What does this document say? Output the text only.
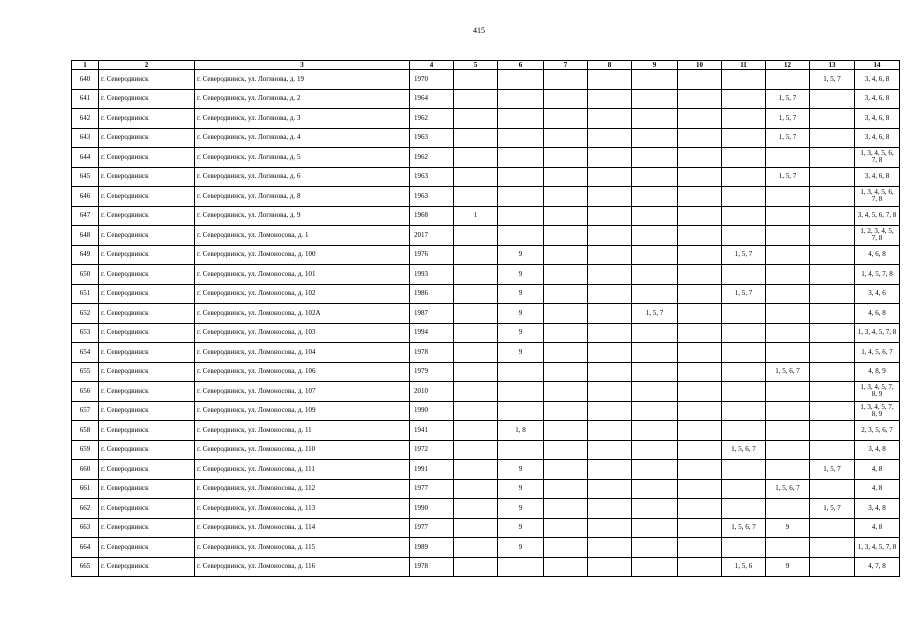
415
1	2	3	4	5	6	7	8	9	10	11	12	13	14
640	г. Северодвинск	г. Северодвинск, ул. Логинова, д. 19	1970									1, 5, 7	3, 4, 6, 8
641	г. Северодвинск	г. Северодвинск, ул. Логинова, д. 2	1964								1, 5, 7		3, 4, 6, 8
642	г. Северодвинск	г. Северодвинск, ул. Логинова, д. 3	1962								1, 5, 7		3, 4, 6, 8
643	г. Северодвинск	г. Северодвинск, ул. Логинова, д. 4	1963								1, 5, 7		3, 4, 6, 8
644	г. Северодвинск	г. Северодвинск, ул. Логинова, д. 5	1962										1, 3, 4, 5, 6, 7, 8
645	г. Северодвинск	г. Северодвинск, ул. Логинова, д. 6	1963								1, 5, 7		3, 4, 6, 8
646	г. Северодвинск	г. Северодвинск, ул. Логинова, д. 8	1963										1, 3, 4, 5, 6, 7, 8
647	г. Северодвинск	г. Северодвинск, ул. Логинова, д. 9	1968	1									3, 4, 5, 6, 7, 8
648	г. Северодвинск	г. Северодвинск, ул. Ломоносова, д. 1	2017										1, 2, 3, 4, 5, 7, 8
649	г. Северодвинск	г. Северодвинск, ул. Ломоносова, д. 100	1976		9					1, 5, 7			4, 6, 8
650	г. Северодвинск	г. Северодвинск, ул. Ломоносова, д. 101	1993		9								1, 4, 5, 7, 8
651	г. Северодвинск	г. Северодвинск, ул. Ломоносова, д. 102	1986		9					1, 5, 7			3, 4, 6
652	г. Северодвинск	г. Северодвинск, ул. Ломоносова, д. 102А	1987		9			1, 5, 7					4, 6, 8
653	г. Северодвинск	г. Северодвинск, ул. Ломоносова, д. 103	1994		9								1, 3, 4, 5, 7, 8
654	г. Северодвинск	г. Северодвинск, ул. Ломоносова, д. 104	1978		9								1, 4, 5, 6, 7
655	г. Северодвинск	г. Северодвинск, ул. Ломоносова, д. 106	1979								1, 5, 6, 7		4, 8, 9
656	г. Северодвинск	г. Северодвинск, ул. Ломоносова, д. 107	2010										1, 3, 4, 5, 7, 8, 9
657	г. Северодвинск	г. Северодвинск, ул. Ломоносова, д. 109	1990										1, 3, 4, 5, 7, 8, 9
658	г. Северодвинск	г. Северодвинск, ул. Ломоносова, д. 11	1941		1, 8								2, 3, 5, 6, 7
659	г. Северодвинск	г. Северодвинск, ул. Ломоносова, д. 110	1972							1, 5, 6, 7			3, 4, 8
660	г. Северодвинск	г. Северодвинск, ул. Ломоносова, д. 111	1991		9							1, 5, 7	4, 8
661	г. Северодвинск	г. Северодвинск, ул. Ломоносова, д. 112	1977		9						1, 5, 6, 7		4, 8
662	г. Северодвинск	г. Северодвинск, ул. Ломоносова, д. 113	1990		9							1, 5, 7	3, 4, 8
663	г. Северодвинск	г. Северодвинск, ул. Ломоносова, д. 114	1977		9					1, 5, 6, 7	9		4, 8
664	г. Северодвинск	г. Северодвинск, ул. Ломоносова, д. 115	1989		9								1, 3, 4, 5, 7, 8
665	г. Северодвинск	г. Северодвинск, ул. Ломоносова, д. 116	1978							1, 5, 6	9		4, 7, 8
